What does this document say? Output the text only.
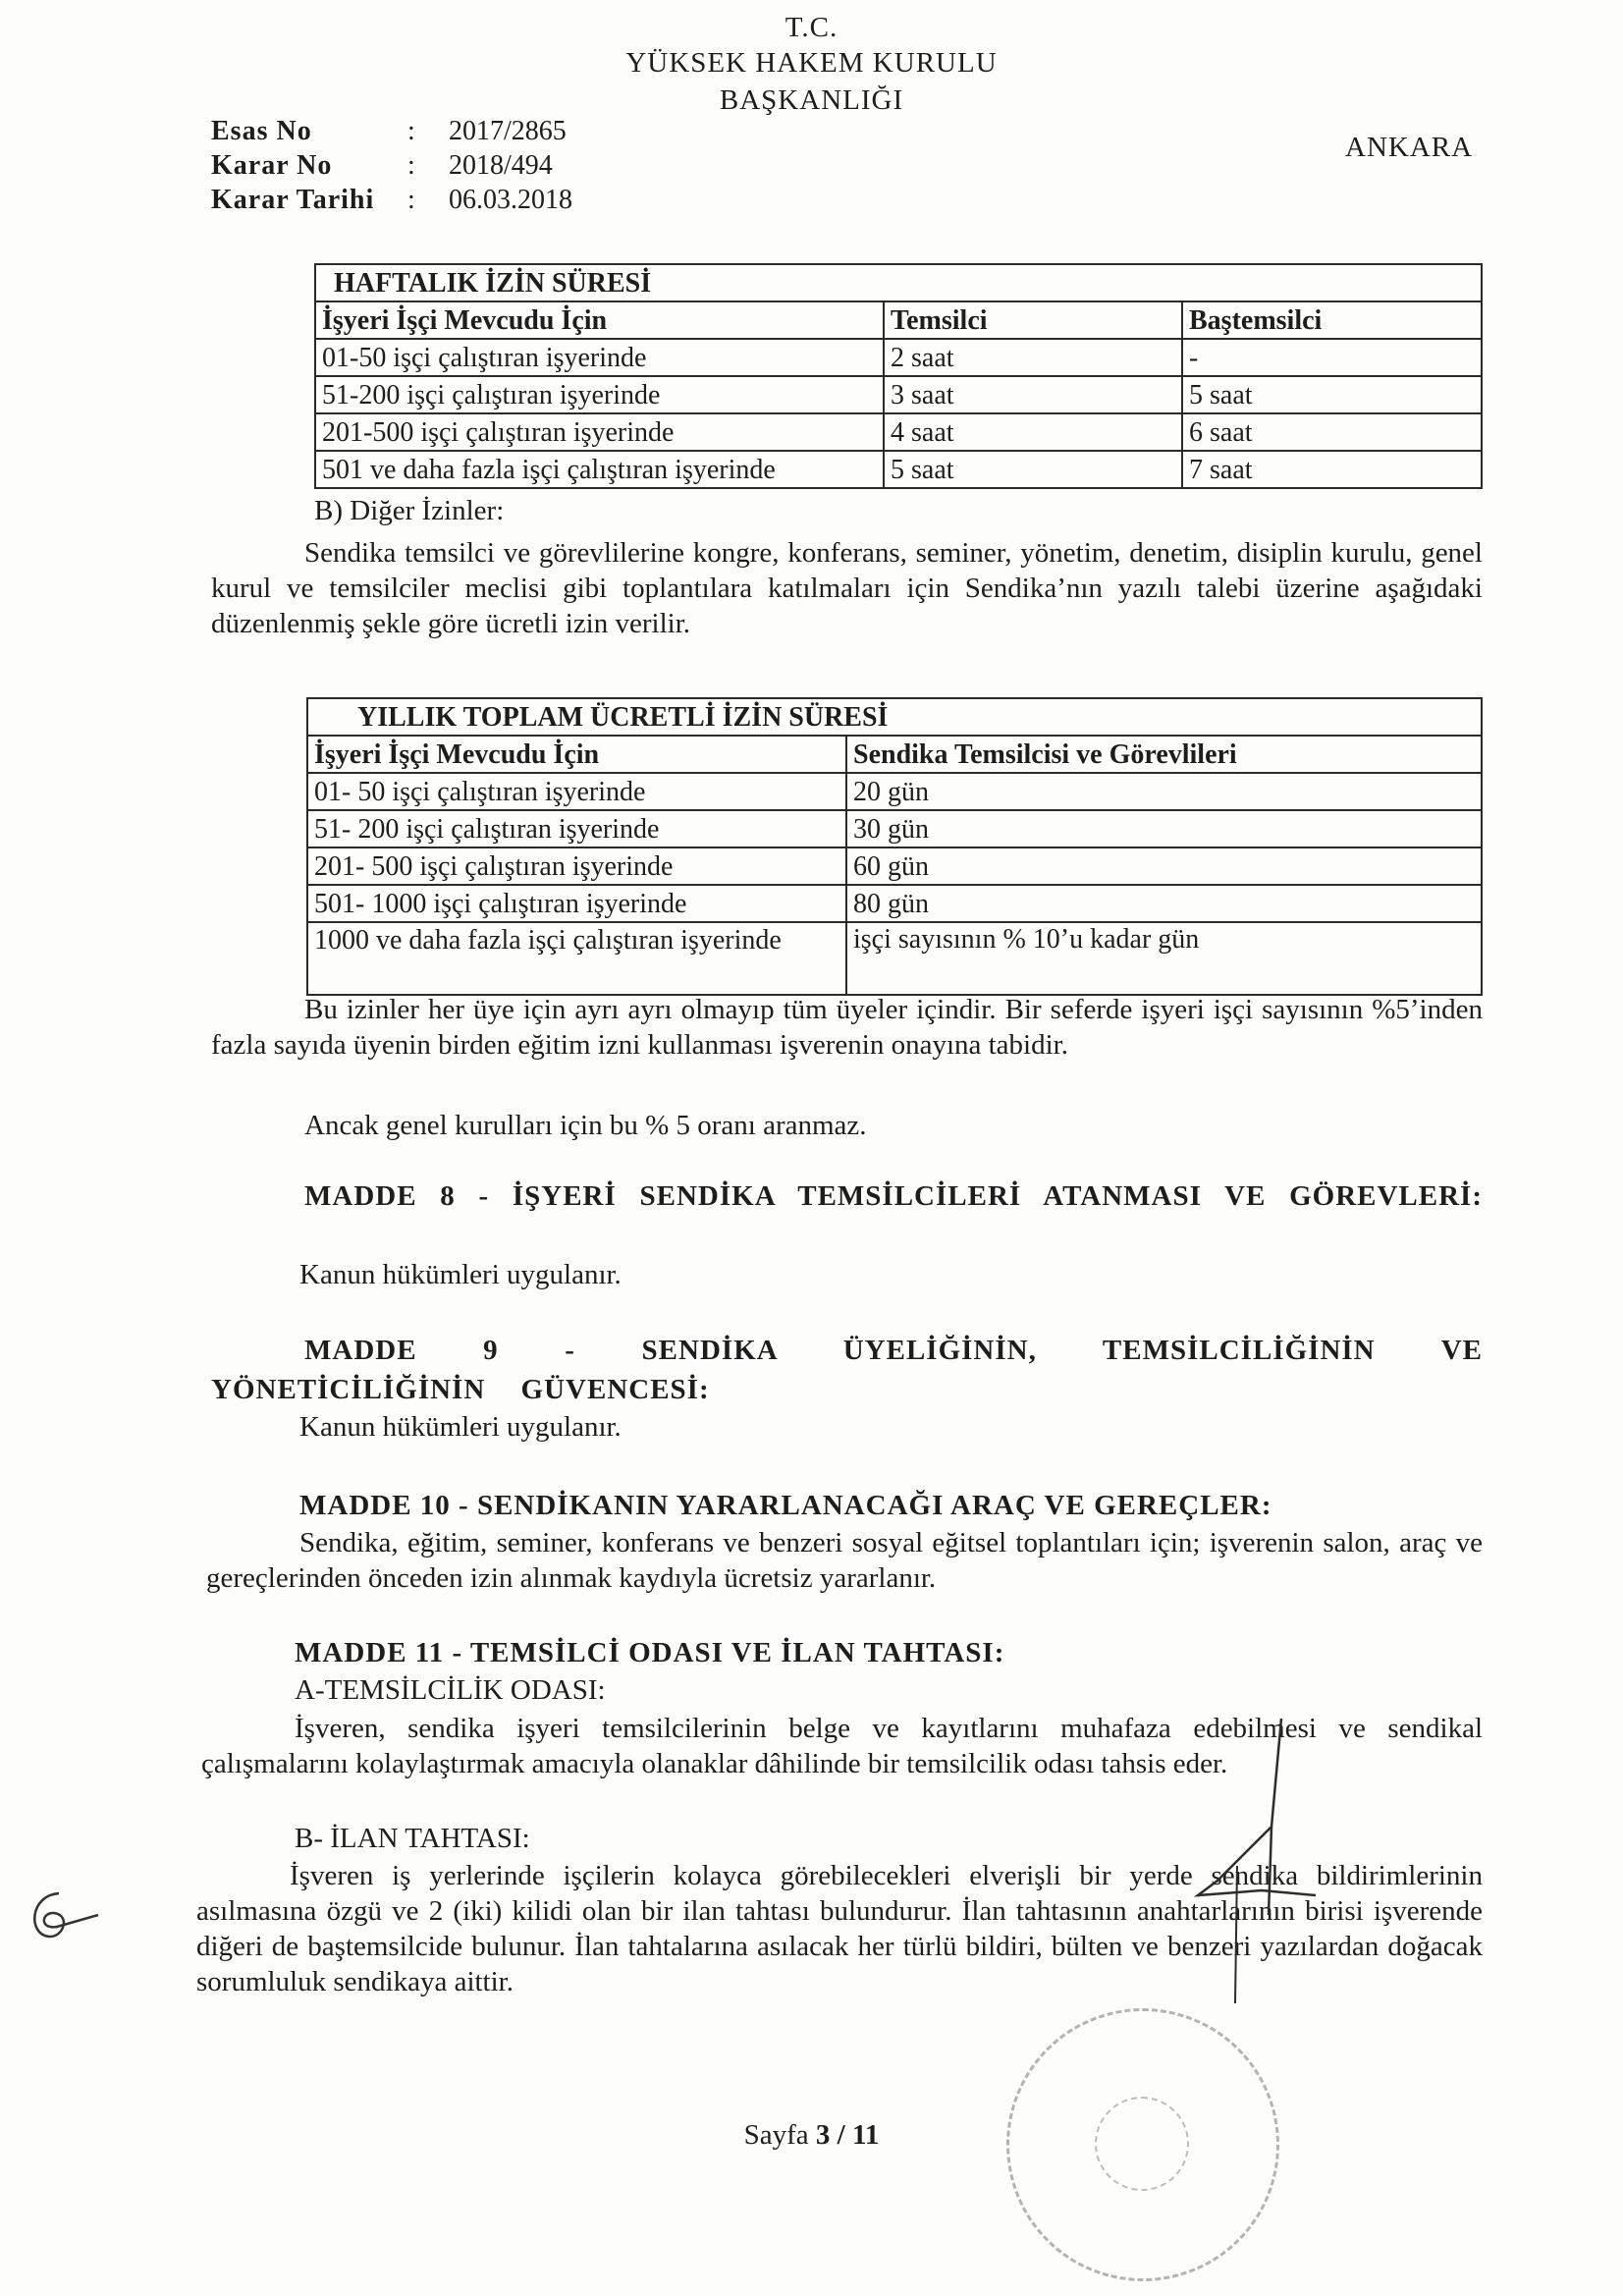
T.C.
YÜKSEK HAKEM KURULU
BAŞKANLIĞI
ANKARA
Esas No	:	2017/2865
Karar No	:	2018/494
Karar Tarihi	:	06.03.2018
HAFTALIK İZİN SÜRESİ		
İşyeri İşçi Mevcudu İçin	Temsilci	Baştemsilci
01-50 işçi çalıştıran işyerinde	2 saat	-
51-200 işçi çalıştıran işyerinde	3 saat	5 saat
201-500 işçi çalıştıran işyerinde	4 saat	6 saat
501 ve daha fazla işçi çalıştıran işyerinde	5 saat	7 saat
B) Diğer İzinler:
Sendika temsilci ve görevlilerine kongre, konferans, seminer, yönetim, denetim, disiplin kurulu, genel kurul ve temsilciler meclisi gibi toplantılara katılmaları için Sendika’nın yazılı talebi üzerine aşağıdaki düzenlenmiş şekle göre ücretli izin verilir.
YILLIK TOPLAM ÜCRETLİ İZİN SÜRESİ	
İşyeri İşçi Mevcudu İçin	Sendika Temsilcisi ve Görevlileri
01- 50 işçi çalıştıran işyerinde	20 gün
51- 200 işçi çalıştıran işyerinde	30 gün
201- 500 işçi çalıştıran işyerinde	60 gün
501- 1000 işçi çalıştıran işyerinde	80 gün
1000 ve daha fazla işçi çalıştıran işyerinde	işçi sayısının % 10’u kadar gün
Bu izinler her üye için ayrı ayrı olmayıp tüm üyeler içindir. Bir seferde işyeri işçi sayısının %5’inden fazla sayıda üyenin birden eğitim izni kullanması işverenin onayına tabidir.
Ancak genel kurulları için bu % 5 oranı aranmaz.
MADDE 8 - İŞYERİ SENDİKA TEMSİLCİLERİ ATANMASI VE GÖREVLERİ:
Kanun hükümleri uygulanır.
MADDE 9 - SENDİKA ÜYELİĞİNİN, TEMSİLCİLİĞİNİN VE YÖNETİCİLİĞİNİN GÜVENCESİ:
Kanun hükümleri uygulanır.
MADDE 10 - SENDİKANIN YARARLANACAĞI ARAÇ VE GEREÇLER:
Sendika, eğitim, seminer, konferans ve benzeri sosyal eğitsel toplantıları için; işverenin salon, araç ve gereçlerinden önceden izin alınmak kaydıyla ücretsiz yararlanır.
MADDE 11 - TEMSİLCİ ODASI VE İLAN TAHTASI:
A-TEMSİLCİLİK ODASI:
İşveren, sendika işyeri temsilcilerinin belge ve kayıtlarını muhafaza edebilmesi ve sendikal çalışmalarını kolaylaştırmak amacıyla olanaklar dâhilinde bir temsilcilik odası tahsis eder.
B- İLAN TAHTASI:
İşveren iş yerlerinde işçilerin kolayca görebilecekleri elverişli bir yerde sendika bildirimlerinin asılmasına özgü ve 2 (iki) kilidi olan bir ilan tahtası bulundurur. İlan tahtasının anahtarlarının birisi işverende diğeri de baştemsilcide bulunur. İlan tahtalarına asılacak her türlü bildiri, bülten ve benzeri yazılardan doğacak sorumluluk sendikaya aittir.
Sayfa 3 / 11
